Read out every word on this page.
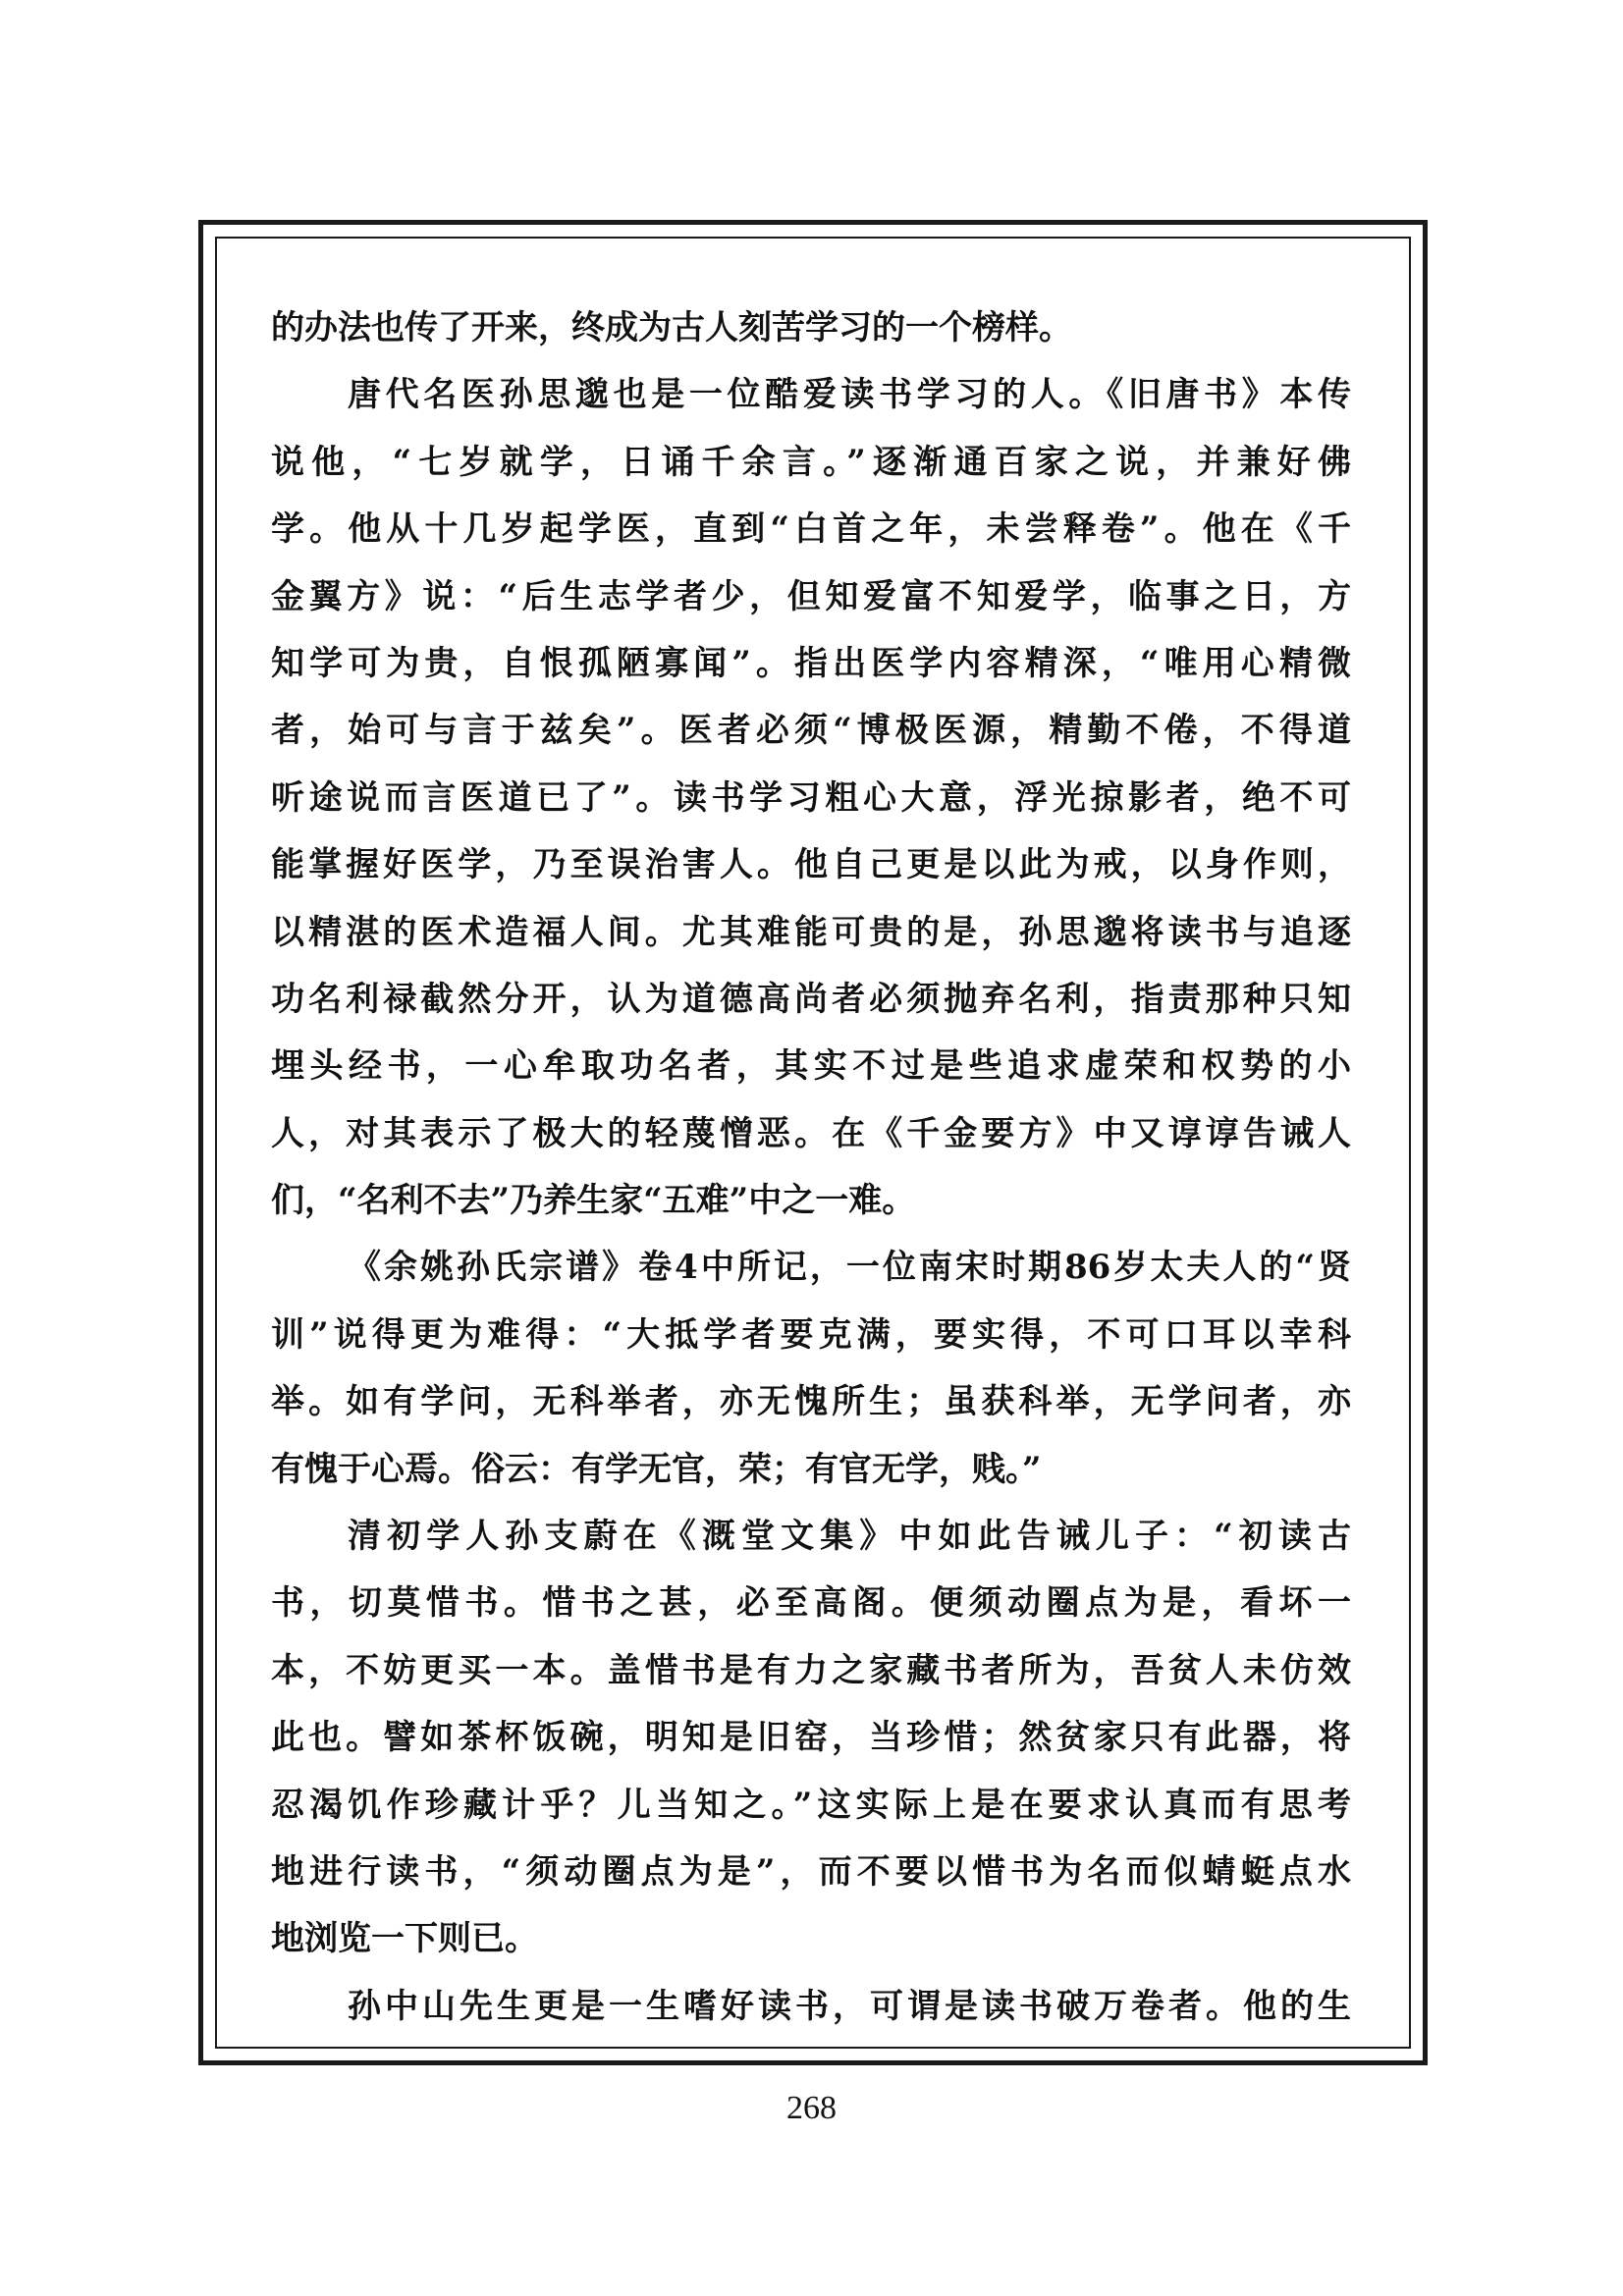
的办法也传了开来，终成为古人刻苦学习的一个榜样。
唐代名医孙思邈也是一位酷爱读书学习的人。《旧唐书》本传
说他，“七岁就学，日诵千余言。”逐渐通百家之说，并兼好佛
学。他从十几岁起学医，直到“白首之年，未尝释卷”。他在《千
金翼方》说：“后生志学者少，但知爱富不知爱学，临事之日，方
知学可为贵，自恨孤陋寡闻”。指出医学内容精深，“唯用心精微
者，始可与言于兹矣”。医者必须“博极医源，精勤不倦，不得道
听途说而言医道已了”。读书学习粗心大意，浮光掠影者，绝不可
能掌握好医学，乃至误治害人。他自己更是以此为戒，以身作则，
以精湛的医术造福人间。尤其难能可贵的是，孙思邈将读书与追逐
功名利禄截然分开，认为道德高尚者必须抛弃名利，指责那种只知
埋头经书，一心牟取功名者，其实不过是些追求虚荣和权势的小
人，对其表示了极大的轻蔑憎恶。在《千金要方》中又谆谆告诫人
们，“名利不去”乃养生家“五难”中之一难。
《余姚孙氏宗谱》卷4中所记，一位南宋时期86岁太夫人的“贤
训”说得更为难得：“大抵学者要克满，要实得，不可口耳以幸科
举。如有学问，无科举者，亦无愧所生；虽获科举，无学问者，亦
有愧于心焉。俗云：有学无官，荣；有官无学，贱。”
清初学人孙支蔚在《溉堂文集》中如此告诫儿子：“初读古
书，切莫惜书。惜书之甚，必至高阁。便须动圈点为是，看坏一
本，不妨更买一本。盖惜书是有力之家藏书者所为，吾贫人未仿效
此也。譬如茶杯饭碗，明知是旧窑，当珍惜；然贫家只有此器，将
忍渴饥作珍藏计乎？儿当知之。”这实际上是在要求认真而有思考
地进行读书，“须动圈点为是”，而不要以惜书为名而似蜻蜓点水
地浏览一下则已。
孙中山先生更是一生嗜好读书，可谓是读书破万卷者。他的生
268
